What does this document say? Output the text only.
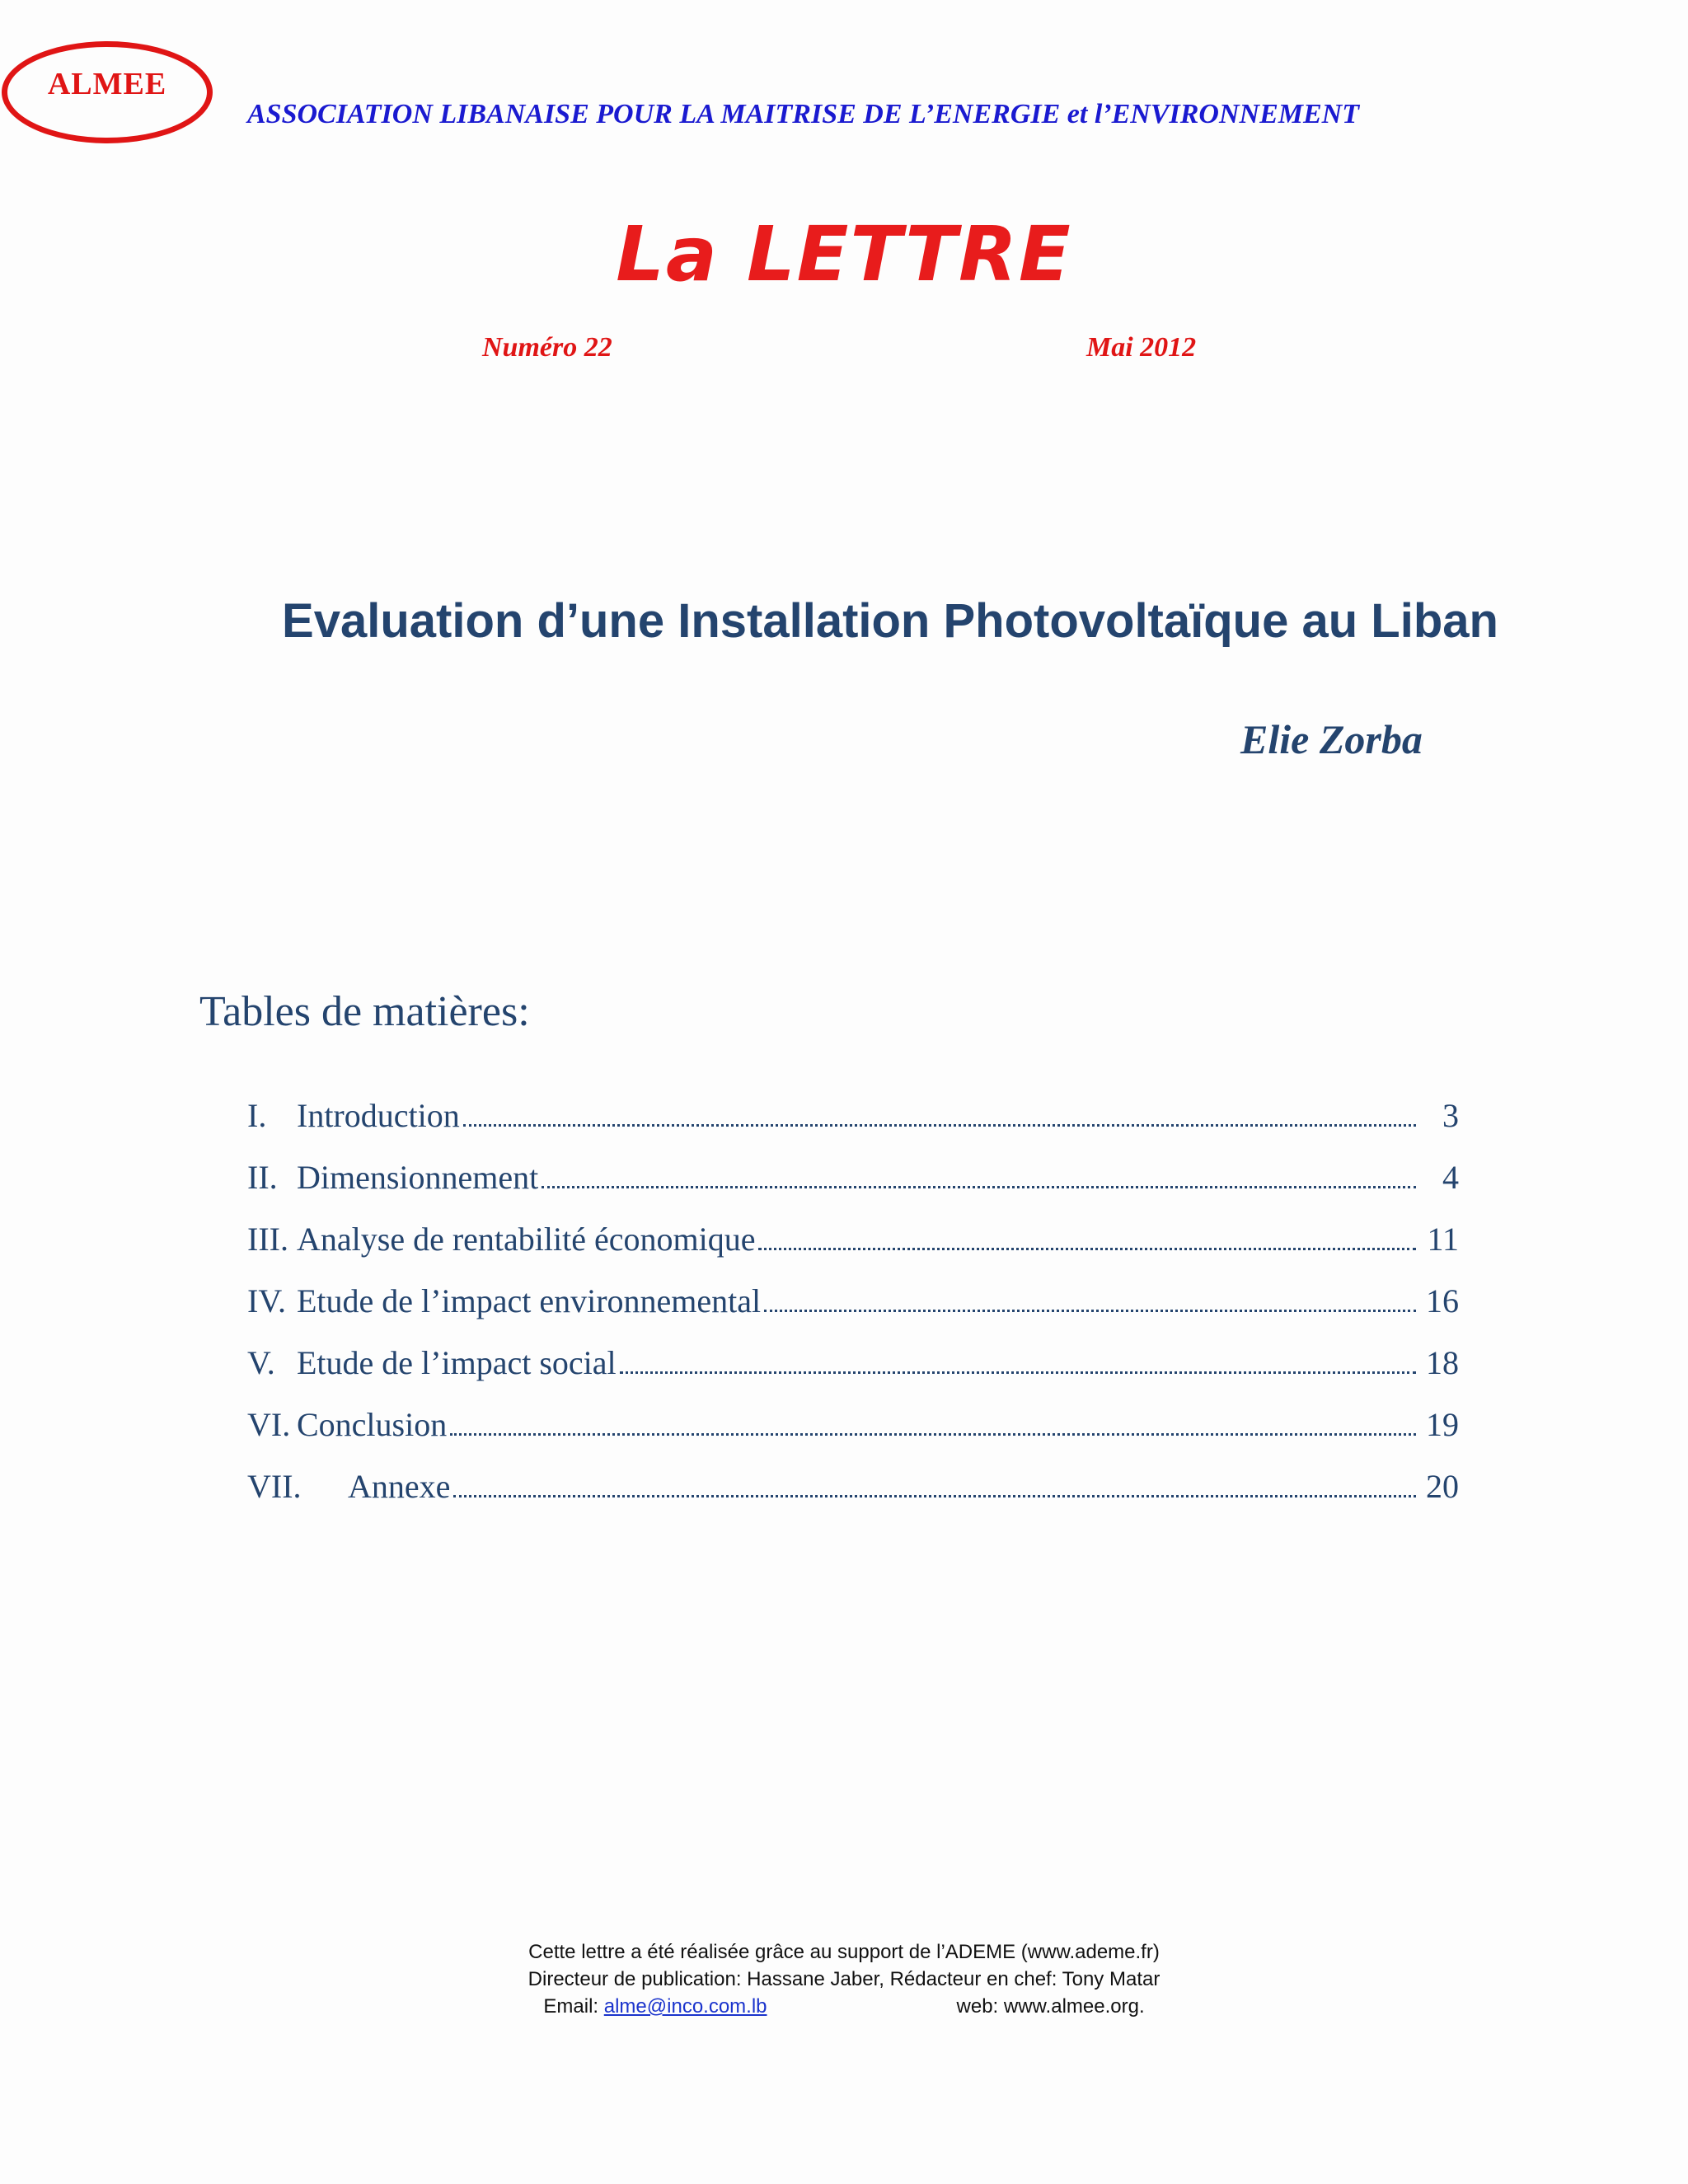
ALMEE
ASSOCIATION LIBANAISE POUR LA MAITRISE DE L’ENERGIE et l’ENVIRONNEMENT
La LETTRE
Numéro 22	Mai 2012
Evaluation d’une Installation Photovoltaïque au Liban
Elie Zorba
Tables de matières:
I. Introduction	3
II. Dimensionnement	4
III. Analyse de rentabilité économique	11
IV. Etude de l’impact environnemental	16
V. Etude de l’impact social	18
VI. Conclusion	19
VII.	Annexe	20
Cette lettre a été réalisée grâce au support de l’ADEME (www.ademe.fr)
Directeur de publication: Hassane Jaber, Rédacteur en chef: Tony Matar
Email: alme@inco.com.lb	web: www.almee.org.
